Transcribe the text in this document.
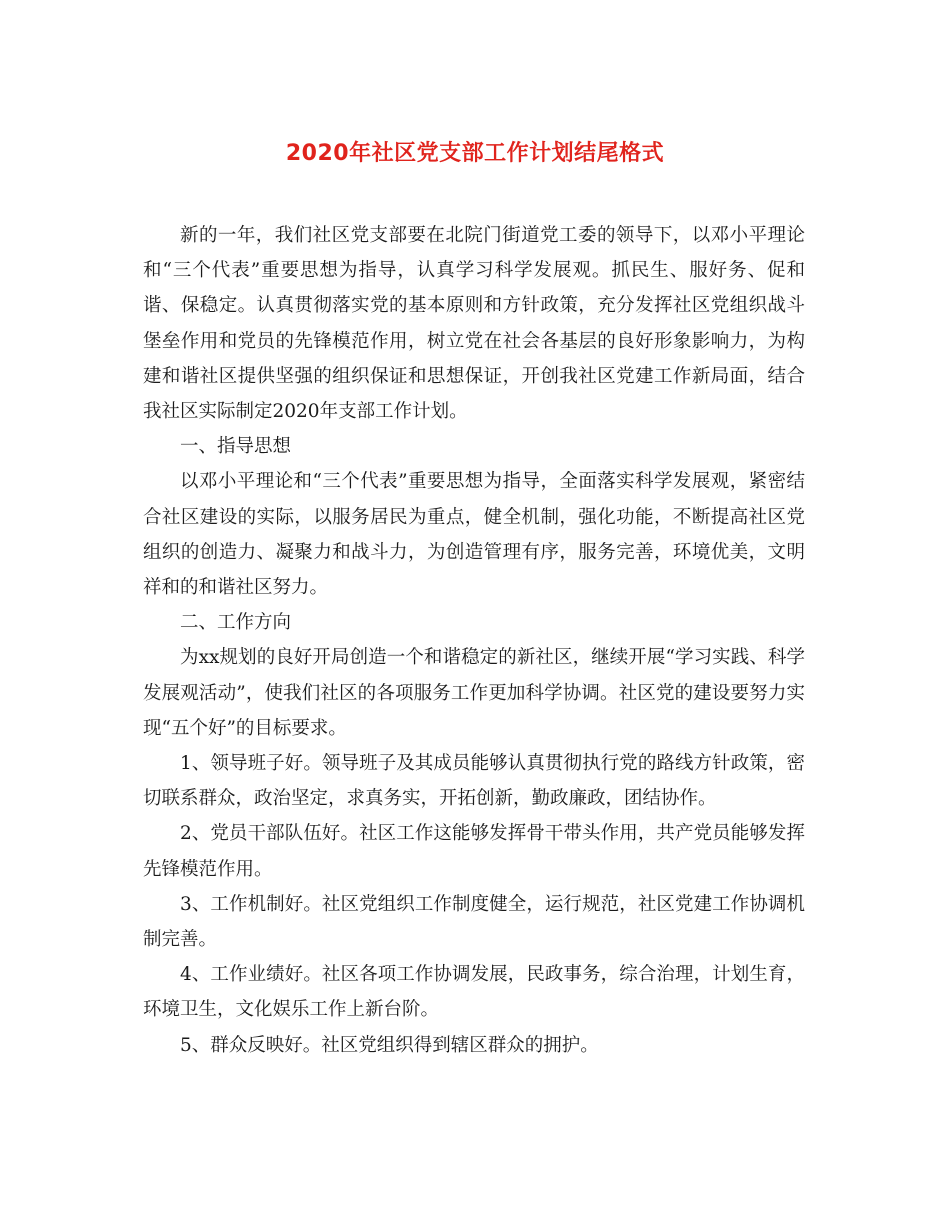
2020年社区党支部工作计划结尾格式

新的一年，我们社区党支部要在北院门街道党工委的领导下，以邓小平理论和“三个代表”重要思想为指导，认真学习科学发展观。抓民生、服好务、促和谐、保稳定。认真贯彻落实党的基本原则和方针政策，充分发挥社区党组织战斗堡垒作用和党员的先锋模范作用，树立党在社会各基层的良好形象影响力，为构建和谐社区提供坚强的组织保证和思想保证，开创我社区党建工作新局面，结合我社区实际制定2020年支部工作计划。

一、指导思想

以邓小平理论和“三个代表”重要思想为指导，全面落实科学发展观，紧密结合社区建设的实际，以服务居民为重点，健全机制，强化功能，不断提高社区党组织的创造力、凝聚力和战斗力，为创造管理有序，服务完善，环境优美，文明祥和的和谐社区努力。

二、工作方向

为xx规划的良好开局创造一个和谐稳定的新社区，继续开展“学习实践、科学发展观活动”，使我们社区的各项服务工作更加科学协调。社区党的建设要努力实现“五个好”的目标要求。

1、领导班子好。领导班子及其成员能够认真贯彻执行党的路线方针政策，密切联系群众，政治坚定，求真务实，开拓创新，勤政廉政，团结协作。

2、党员干部队伍好。社区工作这能够发挥骨干带头作用，共产党员能够发挥先锋模范作用。

3、工作机制好。社区党组织工作制度健全，运行规范，社区党建工作协调机制完善。

4、工作业绩好。社区各项工作协调发展，民政事务，综合治理，计划生育，环境卫生，文化娱乐工作上新台阶。

5、群众反映好。社区党组织得到辖区群众的拥护。
